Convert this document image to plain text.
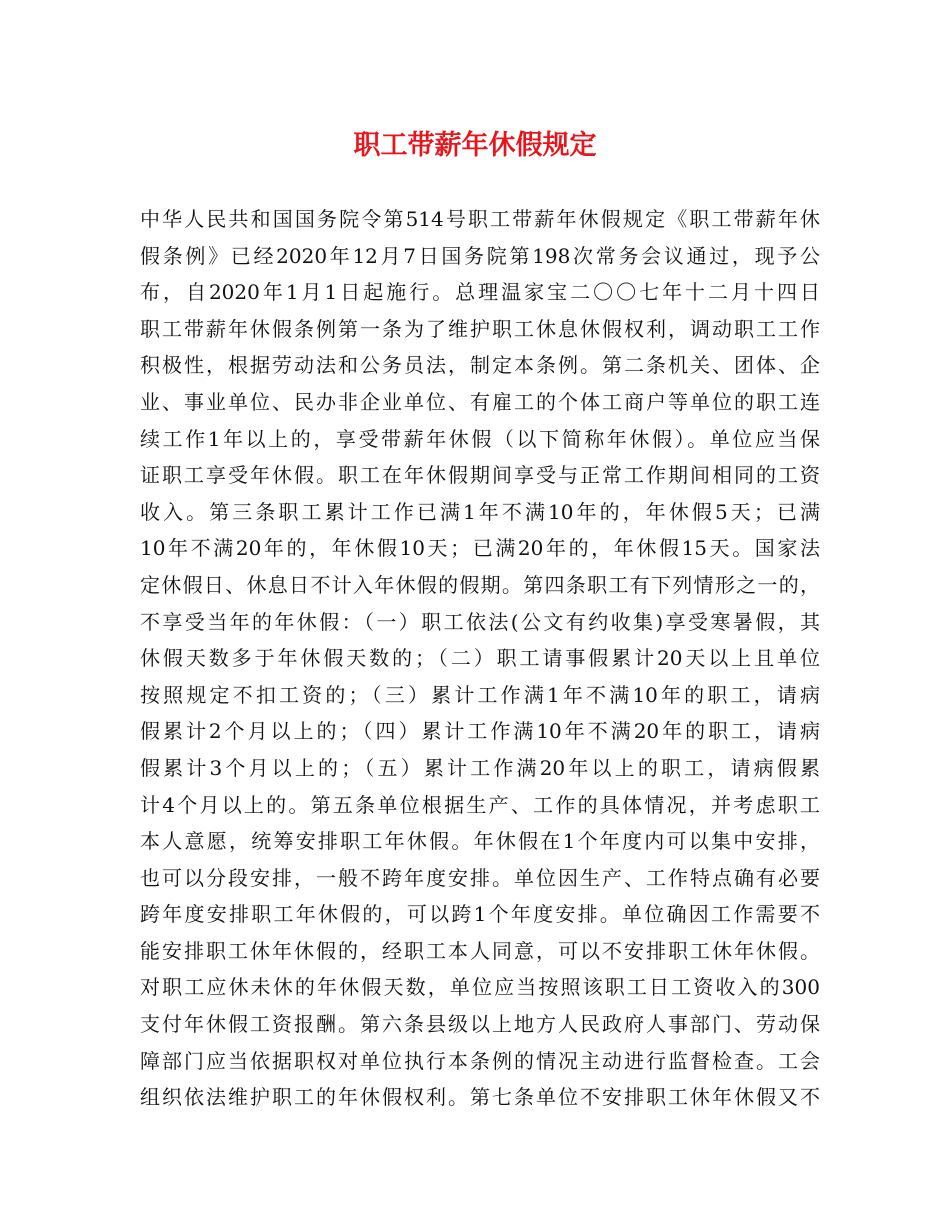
职工带薪年休假规定
中华人民共和国国务院令第514号职工带薪年休假规定《职工带薪年休
假条例》已经2020年12月7日国务院第198次常务会议通过，现予公
布，自2020年1月1日起施行。总理温家宝二〇〇七年十二月十四日
职工带薪年休假条例第一条为了维护职工休息休假权利，调动职工工作
积极性，根据劳动法和公务员法，制定本条例。第二条机关、团体、企
业、事业单位、民办非企业单位、有雇工的个体工商户等单位的职工连
续工作1年以上的，享受带薪年休假（以下简称年休假）。单位应当保
证职工享受年休假。职工在年休假期间享受与正常工作期间相同的工资
收入。第三条职工累计工作已满1年不满10年的，年休假5天；已满
10年不满20年的，年休假10天；已满20年的，年休假15天。国家法
定休假日、休息日不计入年休假的假期。第四条职工有下列情形之一的，
不享受当年的年休假：（一）职工依法(公文有约收集)享受寒暑假，其
休假天数多于年休假天数的；（二）职工请事假累计20天以上且单位
按照规定不扣工资的；（三）累计工作满1年不满10年的职工，请病
假累计2个月以上的；（四）累计工作满10年不满20年的职工，请病
假累计3个月以上的；（五）累计工作满20年以上的职工，请病假累
计4个月以上的。第五条单位根据生产、工作的具体情况，并考虑职工
本人意愿，统筹安排职工年休假。年休假在1个年度内可以集中安排，
也可以分段安排，一般不跨年度安排。单位因生产、工作特点确有必要
跨年度安排职工年休假的，可以跨1个年度安排。单位确因工作需要不
能安排职工休年休假的，经职工本人同意，可以不安排职工休年休假。
对职工应休未休的年休假天数，单位应当按照该职工日工资收入的300
支付年休假工资报酬。第六条县级以上地方人民政府人事部门、劳动保
障部门应当依据职权对单位执行本条例的情况主动进行监督检查。工会
组织依法维护职工的年休假权利。第七条单位不安排职工休年休假又不
